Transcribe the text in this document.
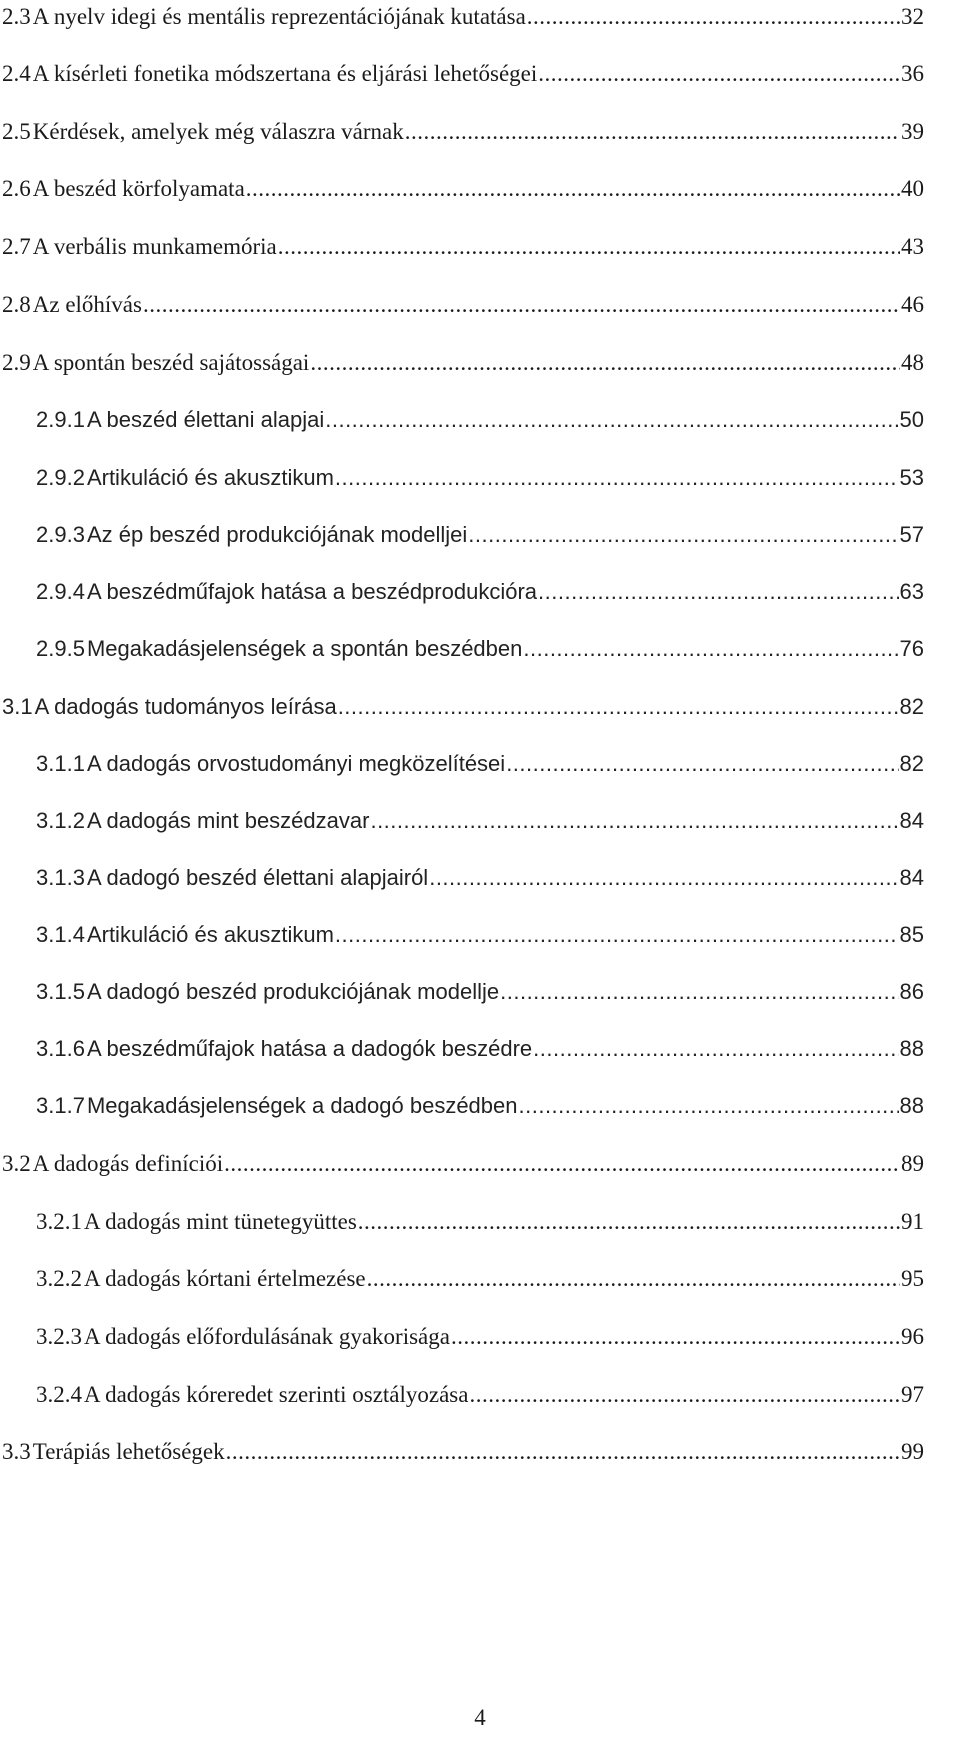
2.3 A nyelv idegi és mentális reprezentációjának kutatása .....	32
2.4 A kísérleti fonetika módszertana és eljárási lehetőségei .....	36
2.5 Kérdések, amelyek még válaszra várnak .....	39
2.6 A beszéd körfolyamata .....	40
2.7 A verbális munkamemória .....	43
2.8 Az előhívás .....	46
2.9 A spontán beszéd sajátosságai .....	48
2.9.1 A beszéd élettani alapjai .....	50
2.9.2 Artikuláció és akusztikum .....	53
2.9.3 Az ép beszéd produkciójának modelljei .....	57
2.9.4 A beszédműfajok hatása a beszédprodukcióra .....	63
2.9.5 Megakadásjelenségek a spontán beszédben .....	76
3.1 A dadogás tudományos leírása .....	82
3.1.1 A dadogás orvostudományi megközelítései .....	82
3.1.2 A dadogás mint beszédzavar .....	84
3.1.3 A dadogó beszéd élettani alapjairól .....	84
3.1.4 Artikuláció és akusztikum .....	85
3.1.5 A dadogó beszéd produkciójának modellje .....	86
3.1.6 A beszédműfajok hatása a dadogók beszédre .....	88
3.1.7 Megakadásjelenségek a dadogó beszédben .....	88
3.2 A dadogás definíciói .....	89
3.2.1 A dadogás mint tünetegyüttes .....	91
3.2.2 A dadogás kórtani értelmezése .....	95
3.2.3 A dadogás előfordulásának gyakorisága .....	96
3.2.4 A dadogás kóreredet szerinti osztályozása .....	97
3.3 Terápiás lehetőségek .....	99
4
